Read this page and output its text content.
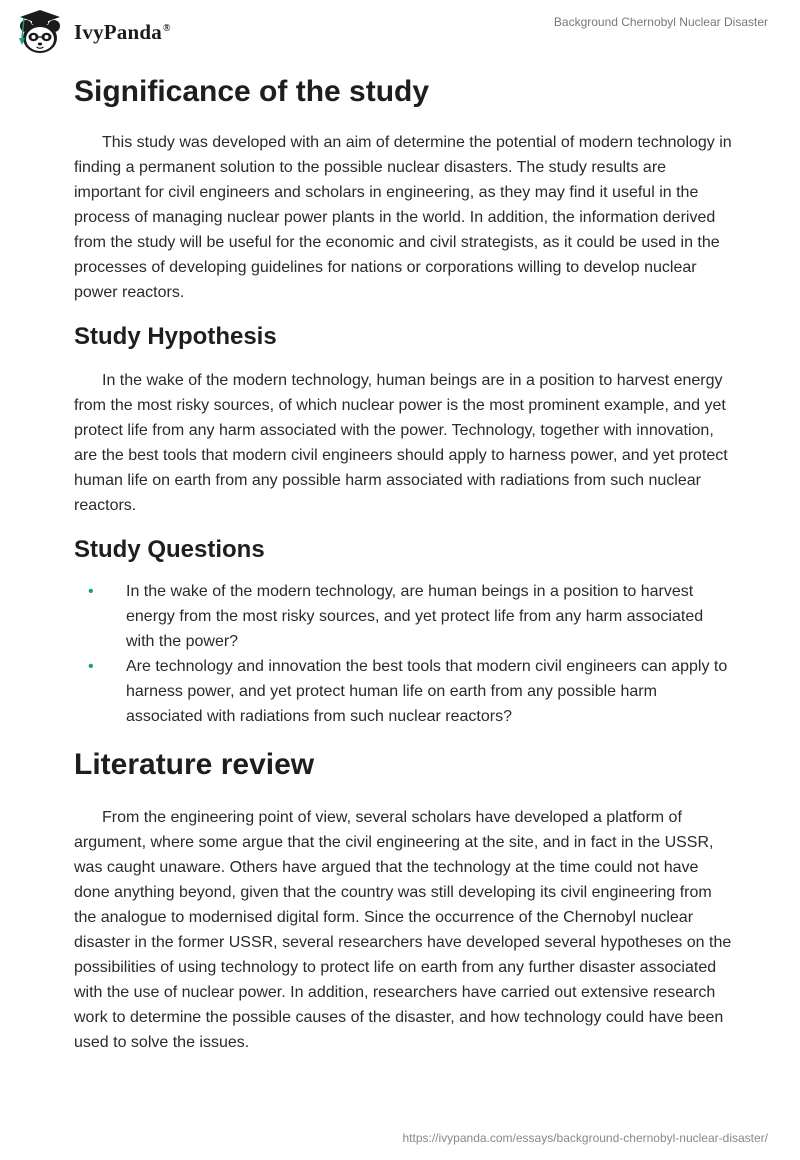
IvyPanda®	Background Chernobyl Nuclear Disaster
Significance of the study

This study was developed with an aim of determine the potential of modern technology in finding a permanent solution to the possible nuclear disasters. The study results are important for civil engineers and scholars in engineering, as they may find it useful in the process of managing nuclear power plants in the world. In addition, the information derived from the study will be useful for the economic and civil strategists, as it could be used in the processes of developing guidelines for nations or corporations willing to develop nuclear power reactors.

Study Hypothesis

In the wake of the modern technology, human beings are in a position to harvest energy from the most risky sources, of which nuclear power is the most prominent example, and yet protect life from any harm associated with the power. Technology, together with innovation, are the best tools that modern civil engineers should apply to harness power, and yet protect human life on earth from any possible harm associated with radiations from such nuclear reactors.

Study Questions
• In the wake of the modern technology, are human beings in a position to harvest energy from the most risky sources, and yet protect life from any harm associated with the power?
• Are technology and innovation the best tools that modern civil engineers can apply to harness power, and yet protect human life on earth from any possible harm associated with radiations from such nuclear reactors?
Literature review

From the engineering point of view, several scholars have developed a platform of argument, where some argue that the civil engineering at the site, and in fact in the USSR, was caught unaware. Others have argued that the technology at the time could not have done anything beyond, given that the country was still developing its civil engineering from the analogue to modernised digital form. Since the occurrence of the Chernobyl nuclear disaster in the former USSR, several researchers have developed several hypotheses on the possibilities of using technology to protect life on earth from any further disaster associated with the use of nuclear power. In addition, researchers have carried out extensive research work to determine the possible causes of the disaster, and how technology could have been used to solve the issues.

https://ivypanda.com/essays/background-chernobyl-nuclear-disaster/
